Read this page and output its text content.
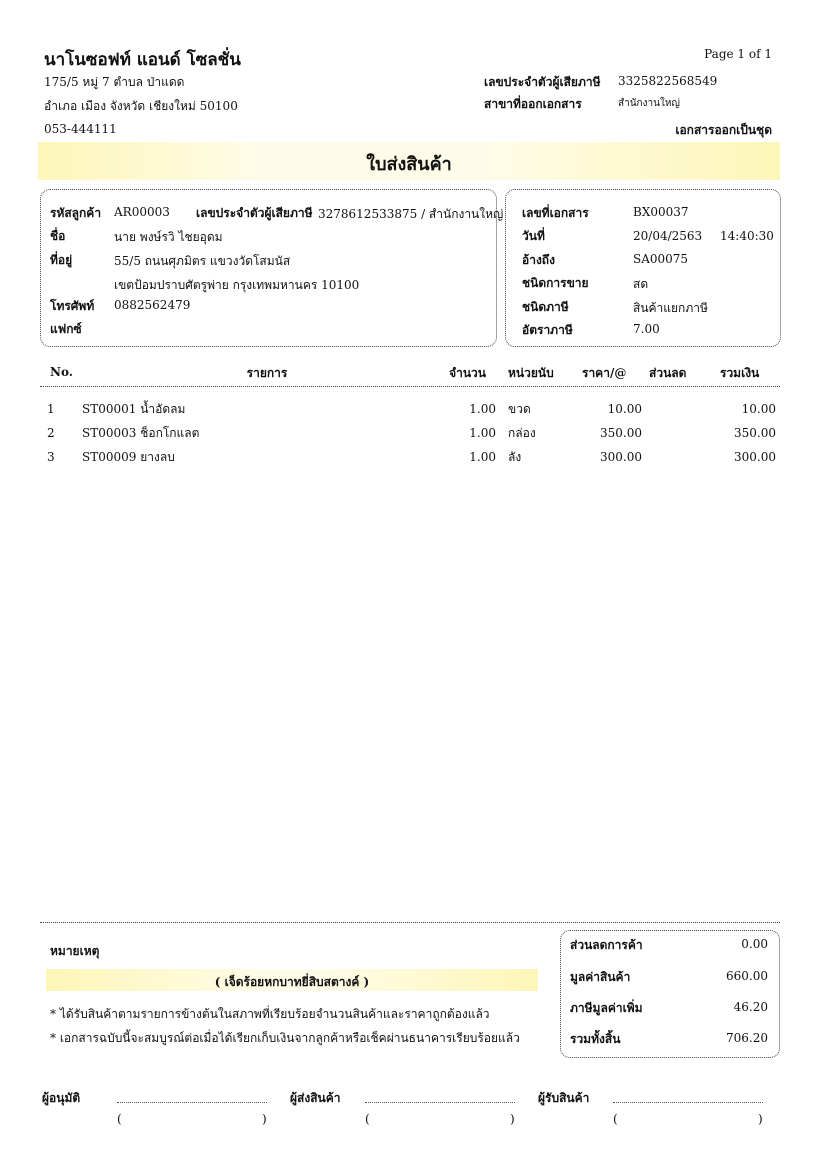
นาโนซอฟท์ แอนด์ โซลชั่น	Page 1 of 1
175/5 หมู่ 7 ตำบล ป่าแดด
อำเภอ เมือง จังหวัด เชียงใหม่ 50100
053-444111
เลขประจำตัวผู้เสียภาษี 3325822568549
สาขาที่ออกเอกสาร	สำนักงานใหญ่
เอกสารออกเป็นชุด
ใบส่งสินค้า
รหัสลูกค้า AR00003 เลขประจำตัวผู้เสียภาษี 3278612533875 / สำนักงานใหญ่
ชื่อ	นาย พงษ์รวิ ไชยอุดม
ที่อยู่	55/5 ถนนศุภมิตร แขวงวัดโสมนัส
เขตป้อมปราบศัตรูพ่าย กรุงเทพมหานคร 10100
โทรศัพท์ 0882562479
แฟกซ์
เลขที่เอกสาร	BX00037
วันที่	20/04/2563 14:40:30
อ้างถึง	SA00075
ชนิดการขาย	สด
ชนิดภาษี	สินค้าแยกภาษี
อัตราภาษี	7.00
No.	รายการ	จำนวน หน่วยนับ ราคา/@ ส่วนลด	รวมเงิน
1 ST00001 น้ำอัดลม	1.00 ขวด	10.00	10.00
2 ST00003 ช็อกโกแลต	1.00 กล่อง	350.00	350.00
3 ST00009 ยางลบ	1.00 ลัง	300.00	300.00
หมายเหตุ
( เจ็ดร้อยหกบาทยี่สิบสตางค์ )
* ได้รับสินค้าตามรายการข้างต้นในสภาพที่เรียบร้อยจำนวนสินค้าและราคาถูกต้องแล้ว
* เอกสารฉบับนี้จะสมบูรณ์ต่อเมื่อได้เรียกเก็บเงินจากลูกค้าหรือเช็คผ่านธนาคารเรียบร้อยแล้ว
ส่วนลดการค้า	0.00
มูลค่าสินค้า	660.00
ภาษีมูลค่าเพิ่ม	46.20
รวมทั้งสิ้น	706.20
ผู้อนุมัติ
(	)
ผู้ส่งสินค้า
(	)
ผู้รับสินค้า
(	)
